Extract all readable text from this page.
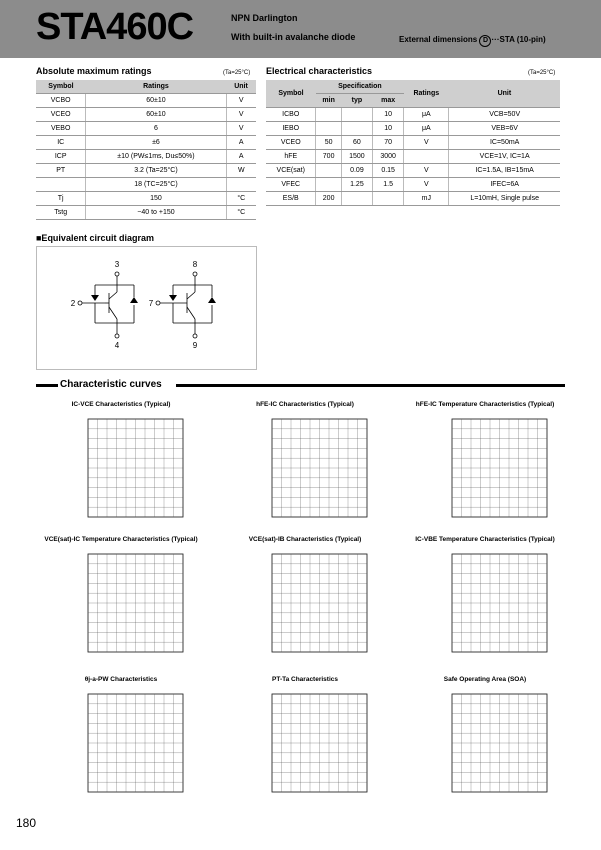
STA460C	NPN Darlington
With built-in avalanche diode	External dimensions D ···STA (10-pin)
Absolute maximum ratings	(Ta=25°C)
Symbol	Ratings	Unit
VCBO	60±10	V
VCEO	60±10	V
VEBO	6	V
IC	±6	A
ICP	±10 (PW≤1ms, Du≤50%)	A
PT	3.2 (Ta=25°C)	W
	18 (TC=25°C)	
Tj	150	°C
Tstg	−40 to +150	°C
Electrical characteristics	(Ta=25°C)
Symbol	Specification			Ratings	Unit
	min	typ	max		
ICBO			10	μA	VCB=50V
IEBO			10	μA	VEB=6V
VCEO	50	60	70	V	IC=50mA
hFE	700	1500	3000		VCE=1V, IC=1A
VCE(sat)		0.09	0.15	V	IC=1.5A, IB=15mA
VFEC		1.25	1.5	V	IFEC=6A
ES/B	200			mJ	L=10mH, Single pulse
■Equivalent circuit diagram
3	8
2	7
4	9
Characteristic curves
IC-VCE Characteristics (Typical)	hFE-IC Characteristics (Typical)	hFE-IC Temperature Characteristics (Typical)
VCE(sat)-IC Temperature Characteristics (Typical)	VCE(sat)-IB Characteristics (Typical)	IC-VBE Temperature Characteristics (Typical)
θj-a-PW Characteristics	PT-Ta Characteristics	Safe Operating Area (SOA)
180
